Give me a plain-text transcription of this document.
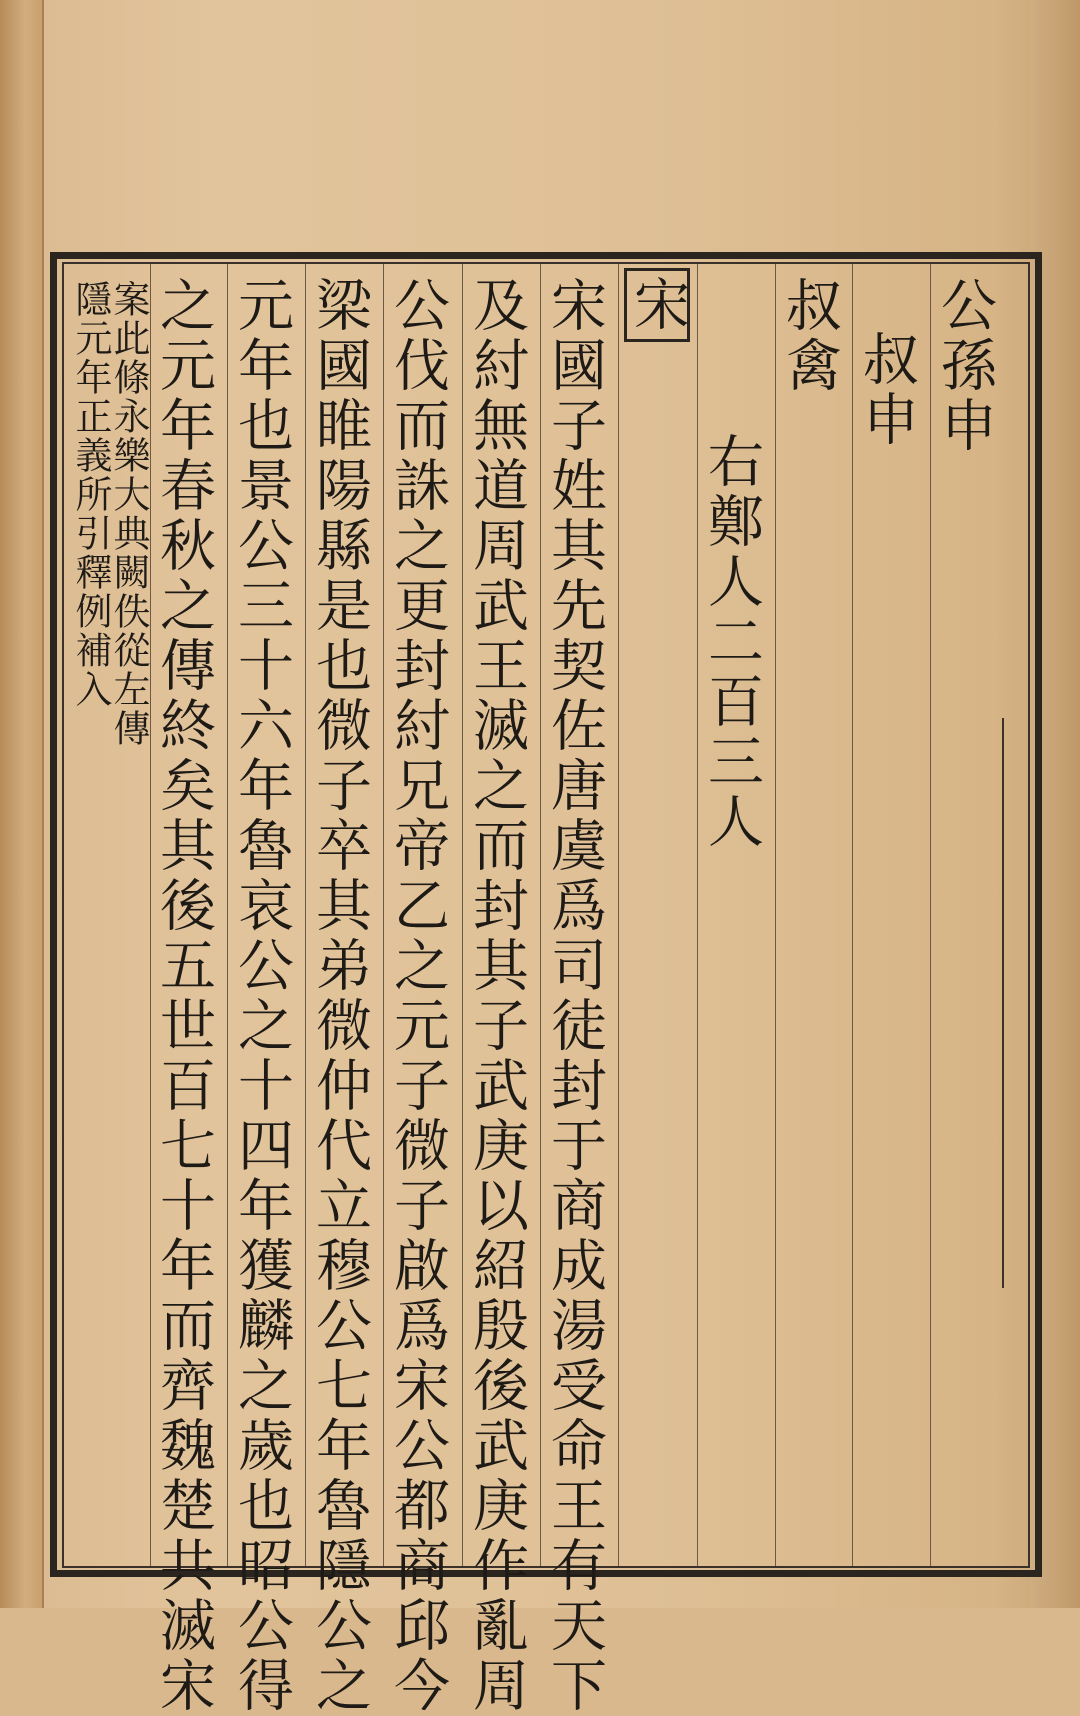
公孫申
叔申
叔禽
右鄭人二百三人
宋
宋國子姓其先契佐唐虞爲司徒封于商成湯受命王有天下
及紂無道周武王滅之而封其子武庚以紹殷後武庚作亂周
公伐而誅之更封紂兄帝乙之元子微子啟爲宋公都商邱今
梁國睢陽縣是也微子卒其弟微仲代立穆公七年魯隱公之
元年也景公三十六年魯哀公之十四年獲麟之歲也昭公得
之元年春秋之傳終矣其後五世百七十年而齊魏楚共滅宋
案此條永樂大典闕佚從左傳
隱元年正義所引釋例補入
